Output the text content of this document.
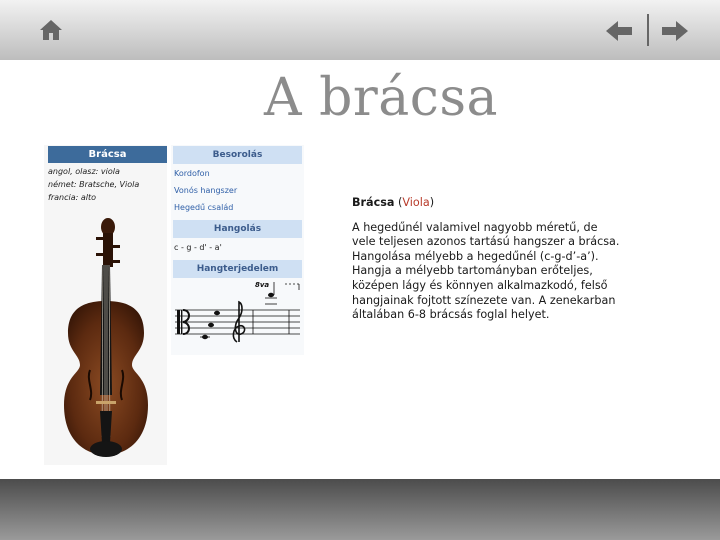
A brácsa
Brácsa
angol, olasz: viola
német: Bratsche, Viola
francia: alto
Besorolás
Kordofon
Vonós hangszer
Hegedű család
Hangolás
c - g - d' - a'
Hangterjedelem
8va

Brácsa (Viola)

A hegedűnél valamivel nagyobb méretű, de vele teljesen azonos tartású hangszer a brácsa. Hangolása mélyebb a hegedűnél (c-g-d’-a’). Hangja a mélyebb tartományban erőteljes, középen lágy és könnyen alkalmazkodó, felső hangjainak fojtott színezete van. A zenekarban általában 6-8 brácsás foglal helyet.
